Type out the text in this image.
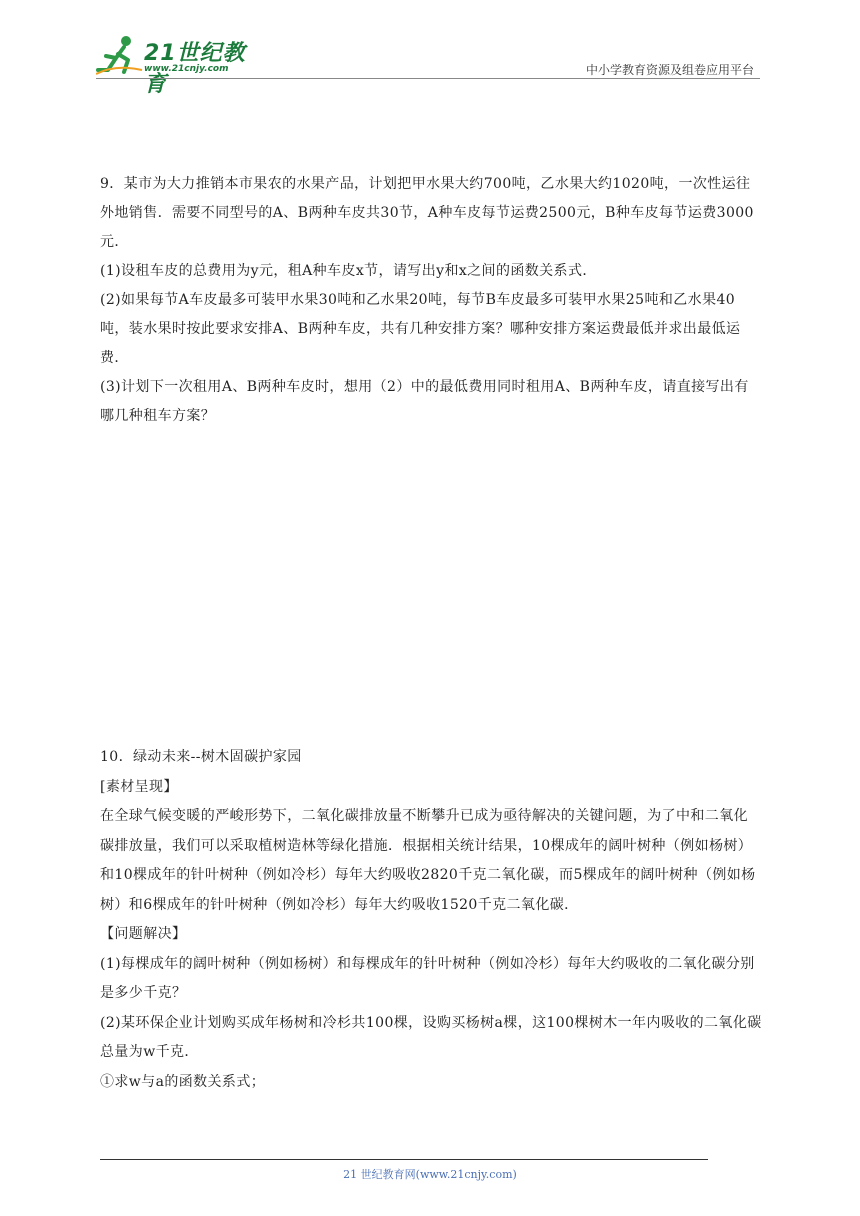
21世纪教育
www.21cnjy.com	中小学教育资源及组卷应用平台

9．某市为大力推销本市果农的水果产品，计划把甲水果大约700吨，乙水果大约1020吨，一次性运往外地销售．需要不同型号的A、B两种车皮共30节，A种车皮每节运费2500元，B种车皮每节运费3000元．

(1)设租车皮的总费用为y元，租A种车皮x节，请写出y和x之间的函数关系式．

(2)如果每节A车皮最多可装甲水果30吨和乙水果20吨，每节B车皮最多可装甲水果25吨和乙水果40吨，装水果时按此要求安排A、B两种车皮，共有几种安排方案？哪种安排方案运费最低并求出最低运费．

(3)计划下一次租用A、B两种车皮时，想用（2）中的最低费用同时租用A、B两种车皮，请直接写出有哪几种租车方案？

10．绿动未来--树木固碳护家园

[素材呈现】

在全球气候变暖的严峻形势下，二氧化碳排放量不断攀升已成为亟待解决的关键问题，为了中和二氧化碳排放量，我们可以采取植树造林等绿化措施．根据相关统计结果，10棵成年的阔叶树种（例如杨树）和10棵成年的针叶树种（例如冷杉）每年大约吸收2820千克二氧化碳，而5棵成年的阔叶树种（例如杨树）和6棵成年的针叶树种（例如冷杉）每年大约吸收1520千克二氧化碳．

【问题解决】

(1)每棵成年的阔叶树种（例如杨树）和每棵成年的针叶树种（例如冷杉）每年大约吸收的二氧化碳分别是多少千克？

(2)某环保企业计划购买成年杨树和冷杉共100棵，设购买杨树a棵，这100棵树木一年内吸收的二氧化碳总量为w千克．

①求w与a的函数关系式；

21 世纪教育网(www.21cnjy.com)
